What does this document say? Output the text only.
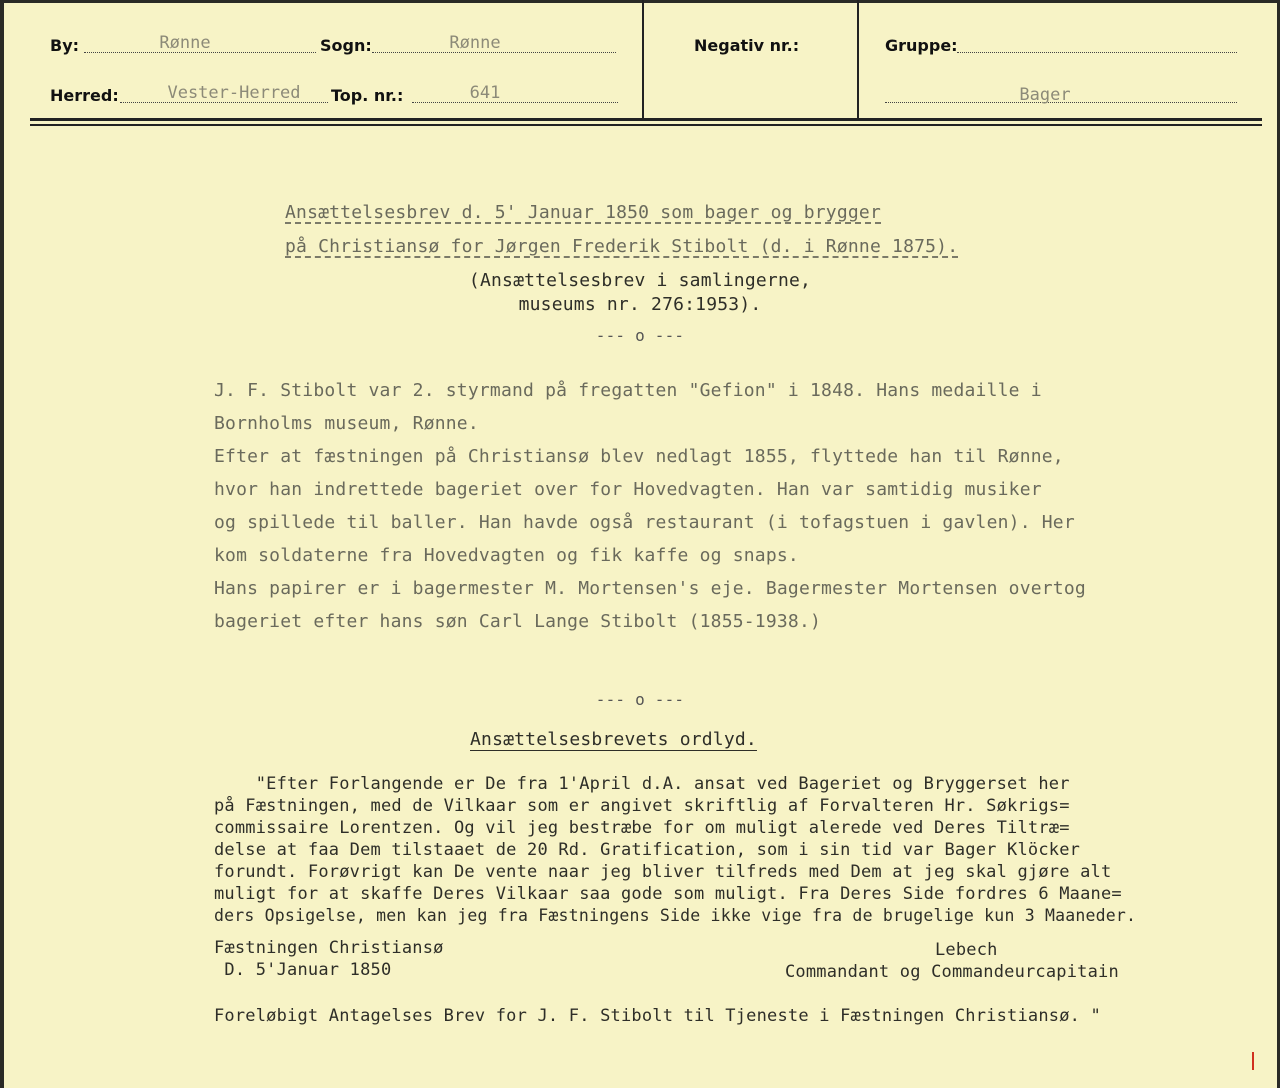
By:	Rønne	Sogn:	Rønne
Herred:	Vester-Herred	Top. nr.:	641
Negativ nr.:	Gruppe:
Bager
Ansættelsesbrev d. 5' Januar 1850 som bager og brygger
på Christiansø for Jørgen Frederik Stibolt (d. i Rønne 1875).
(Ansættelsesbrev i samlingerne,
museums nr. 276:1953).
--- o ---
J. F. Stibolt var 2. styrmand på fregatten "Gefion" i 1848. Hans medaille i
Bornholms museum, Rønne.
Efter at fæstningen på Christiansø blev nedlagt 1855, flyttede han til Rønne,
hvor han indrettede bageriet over for Hovedvagten. Han var samtidig musiker
og spillede til baller. Han havde også restaurant (i tofagstuen i gavlen). Her
kom soldaterne fra Hovedvagten og fik kaffe og snaps.
Hans papirer er i bagermester M. Mortensen's eje. Bagermester Mortensen overtog
bageriet efter hans søn Carl Lange Stibolt (1855-1938.)
--- o ---
Ansættelsesbrevets ordlyd.
"Efter Forlangende er De fra 1'April d.A. ansat ved Bageriet og Bryggerset her
på Fæstningen, med de Vilkaar som er angivet skriftlig af Forvalteren Hr. Søkrigs=
commissaire Lorentzen. Og vil jeg bestræbe for om muligt alerede ved Deres Tiltræ=
delse at faa Dem tilstaaet de 20 Rd. Gratification, som i sin tid var Bager Klöcker
forundt. Forøvrigt kan De vente naar jeg bliver tilfreds med Dem at jeg skal gjøre alt
muligt for at skaffe Deres Vilkaar saa gode som muligt. Fra Deres Side fordres 6 Maane=
ders Opsigelse, men kan jeg fra Fæstningens Side ikke vige fra de brugelige kun 3 Maaneder.
Fæstningen Christiansø
D. 5'Januar 1850
Lebech
Commandant og Commandeurcapitain
Foreløbigt Antagelses Brev for J. F. Stibolt til Tjeneste i Fæstningen Christiansø. "
